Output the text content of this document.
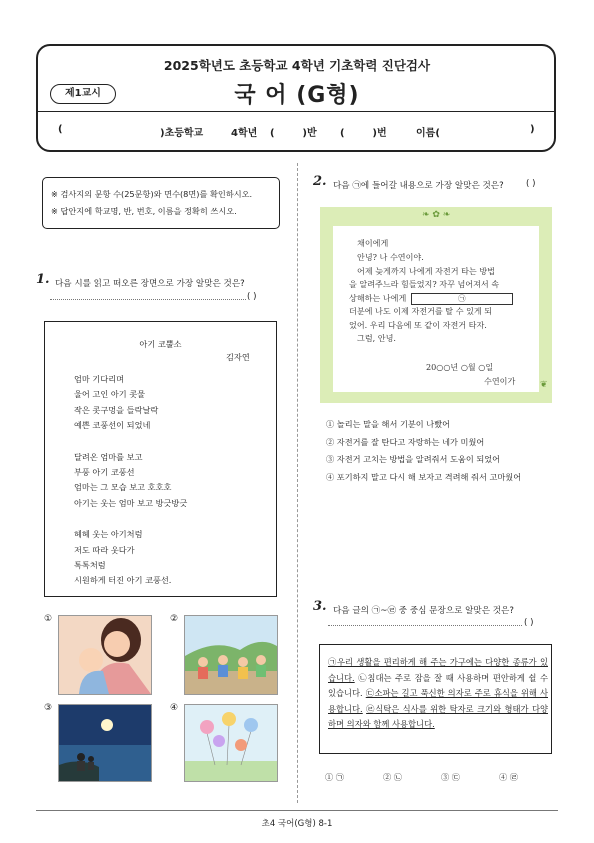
2025학년도 초등학교 4학년 기초학력 진단검사
제1교시	국 어 (G형)
(	)초등학교	4학년 (        )반 (        )번	이름(	)
※ 검사지의 문항 수(25문항)와 면수(8면)를 확인하시오.
※ 답안지에 학교명, 반, 번호, 이름을 정확히 쓰시오.
1. 다음 시를 읽고 떠오른 장면으로 가장 알맞은 것은?
( )
아기 코뿔소
김자연
엄마 기다리며
울어 고인 아기 콧물
작은 콧구멍을 들락날락
예쁜 코풍선이 되었네
달려온 엄마를 보고
부풍 아기 코풍선
엄마는 그 모습 보고 호호호
아기는 웃는 엄마 보고 방긋방긋
헤헤 웃는 아기처럼
저도 따라 웃다가
톡톡처럼
시원하게 터진 아기 코풍선.
①	②
③	④
2. 다음 ㉠에 들어갈 내용으로 가장 알맞은 것은?	( )
❧ ✿ ❧
채이에게
안녕? 나 수연이야.
어제 늦게까지 나에게 자전거 타는 방법
을 알려주느라 힘들었지? 자꾸 넘어져서 속
상해하는 나에게	㉠
더분에 나도 이제 자전거를 탈 수 있게 되
었어. 우리 다음에 또 같이 자전거 타자.
그럼, 안녕.
20○○년 ○월 ○일
수연이가	❦
① 놀리는 말을 해서 기분이 나빴어
② 자전거를 잘 탄다고 자랑하는 네가 미웠어
③ 자전거 고치는 방법을 알려줘서 도움이 되었어
④ 포기하지 말고 다시 해 보자고 격려해 줘서 고마웠어
3. 다음 글의 ㉠~㉣ 중 중심 문장으로 알맞은 것은?
( )
㉠우리 생활을 편리하게 해 주는 가구에는 다양한 종류가 있습니다. ㉡침대는 주로 잠을 잘 때 사용하며 편안하게 쉴 수 있습니다. ㉢소파는 길고 푹신한 의자로 주로 휴식을 위해 사용합니다. ㉣식탁은 식사를 위한 탁자로 크기와 형태가 다양하며 의자와 함께 사용합니다.
① ㉠	② ㉡	③ ㉢	④ ㉣
초4 국어(G형) 8-1
